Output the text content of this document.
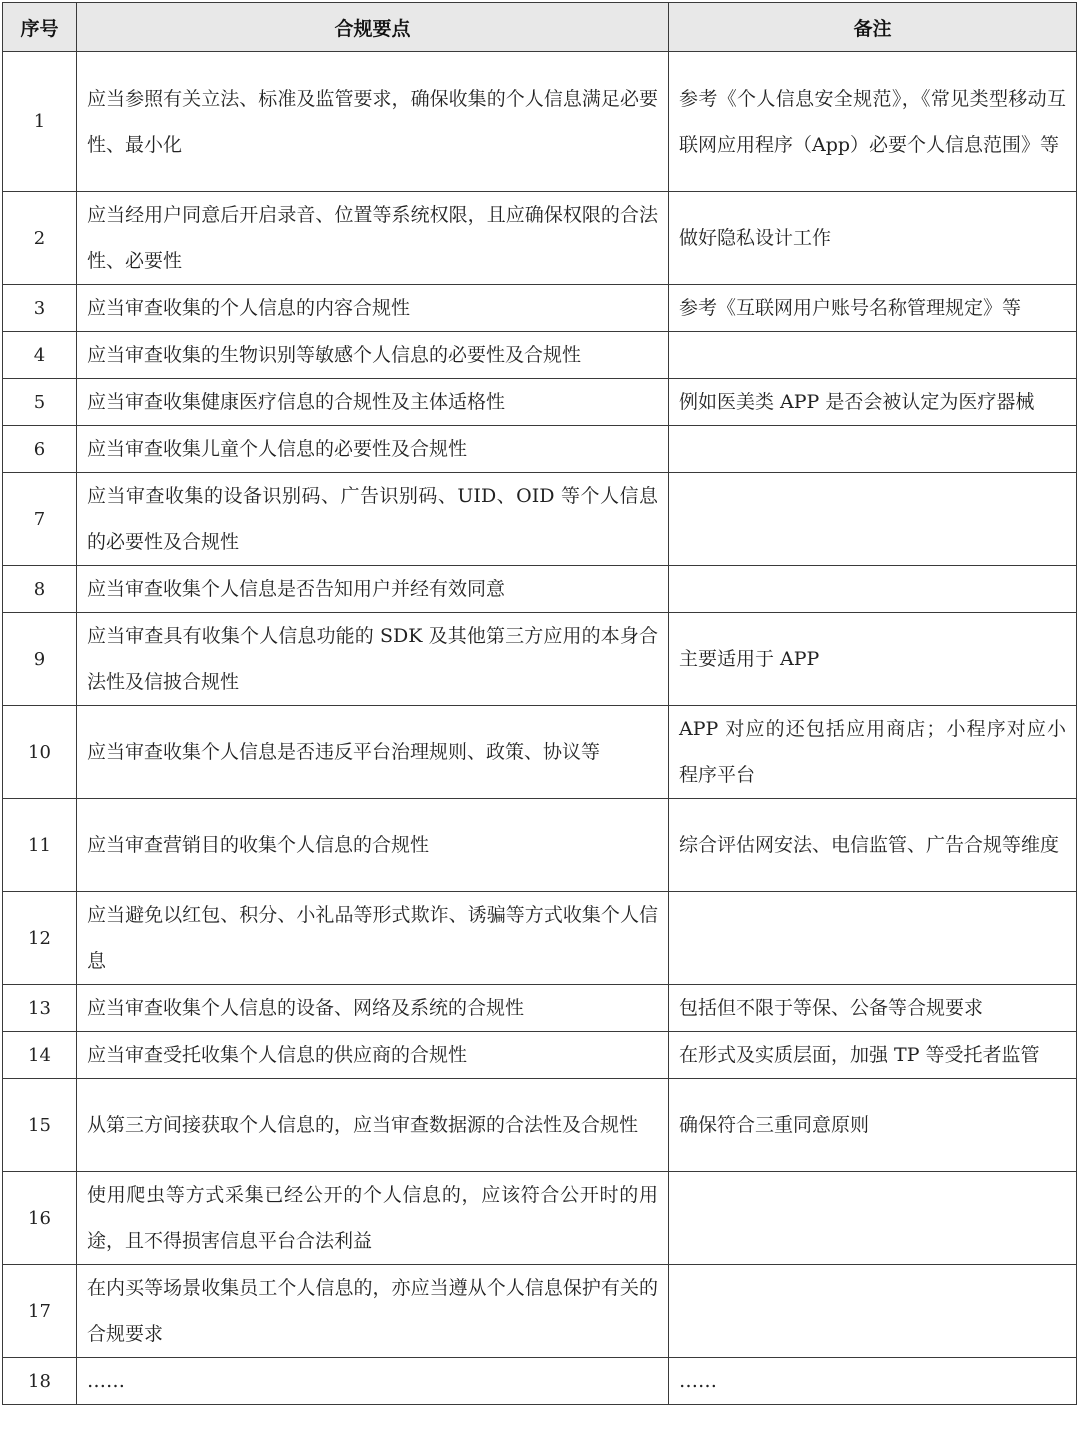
序号	合规要点	备注
1	应当参照有关立法、标准及监管要求，确保收集的个人信息满足必要性、最小化	参考《个人信息安全规范》，《常见类型移动互联网应用程序（App）必要个人信息范围》等
2	应当经用户同意后开启录音、位置等系统权限，且应确保权限的合法性、必要性	做好隐私设计工作
3	应当审查收集的个人信息的内容合规性	参考《互联网用户账号名称管理规定》等
4	应当审查收集的生物识别等敏感个人信息的必要性及合规性	
5	应当审查收集健康医疗信息的合规性及主体适格性	例如医美类 APP 是否会被认定为医疗器械
6	应当审查收集儿童个人信息的必要性及合规性	
7	应当审查收集的设备识别码、广告识别码、UID、OID 等个人信息的必要性及合规性	
8	应当审查收集个人信息是否告知用户并经有效同意	
9	应当审查具有收集个人信息功能的 SDK 及其他第三方应用的本身合法性及信披合规性	主要适用于 APP
10	应当审查收集个人信息是否违反平台治理规则、政策、协议等	APP 对应的还包括应用商店；小程序对应小程序平台
11	应当审查营销目的收集个人信息的合规性	综合评估网安法、电信监管、广告合规等维度
12	应当避免以红包、积分、小礼品等形式欺诈、诱骗等方式收集个人信息	
13	应当审查收集个人信息的设备、网络及系统的合规性	包括但不限于等保、公备等合规要求
14	应当审查受托收集个人信息的供应商的合规性	在形式及实质层面，加强 TP 等受托者监管
15	从第三方间接获取个人信息的，应当审查数据源的合法性及合规性	确保符合三重同意原则
16	使用爬虫等方式采集已经公开的个人信息的，应该符合公开时的用途，且不得损害信息平台合法利益	
17	在内买等场景收集员工个人信息的，亦应当遵从个人信息保护有关的合规要求	
18	……	……
